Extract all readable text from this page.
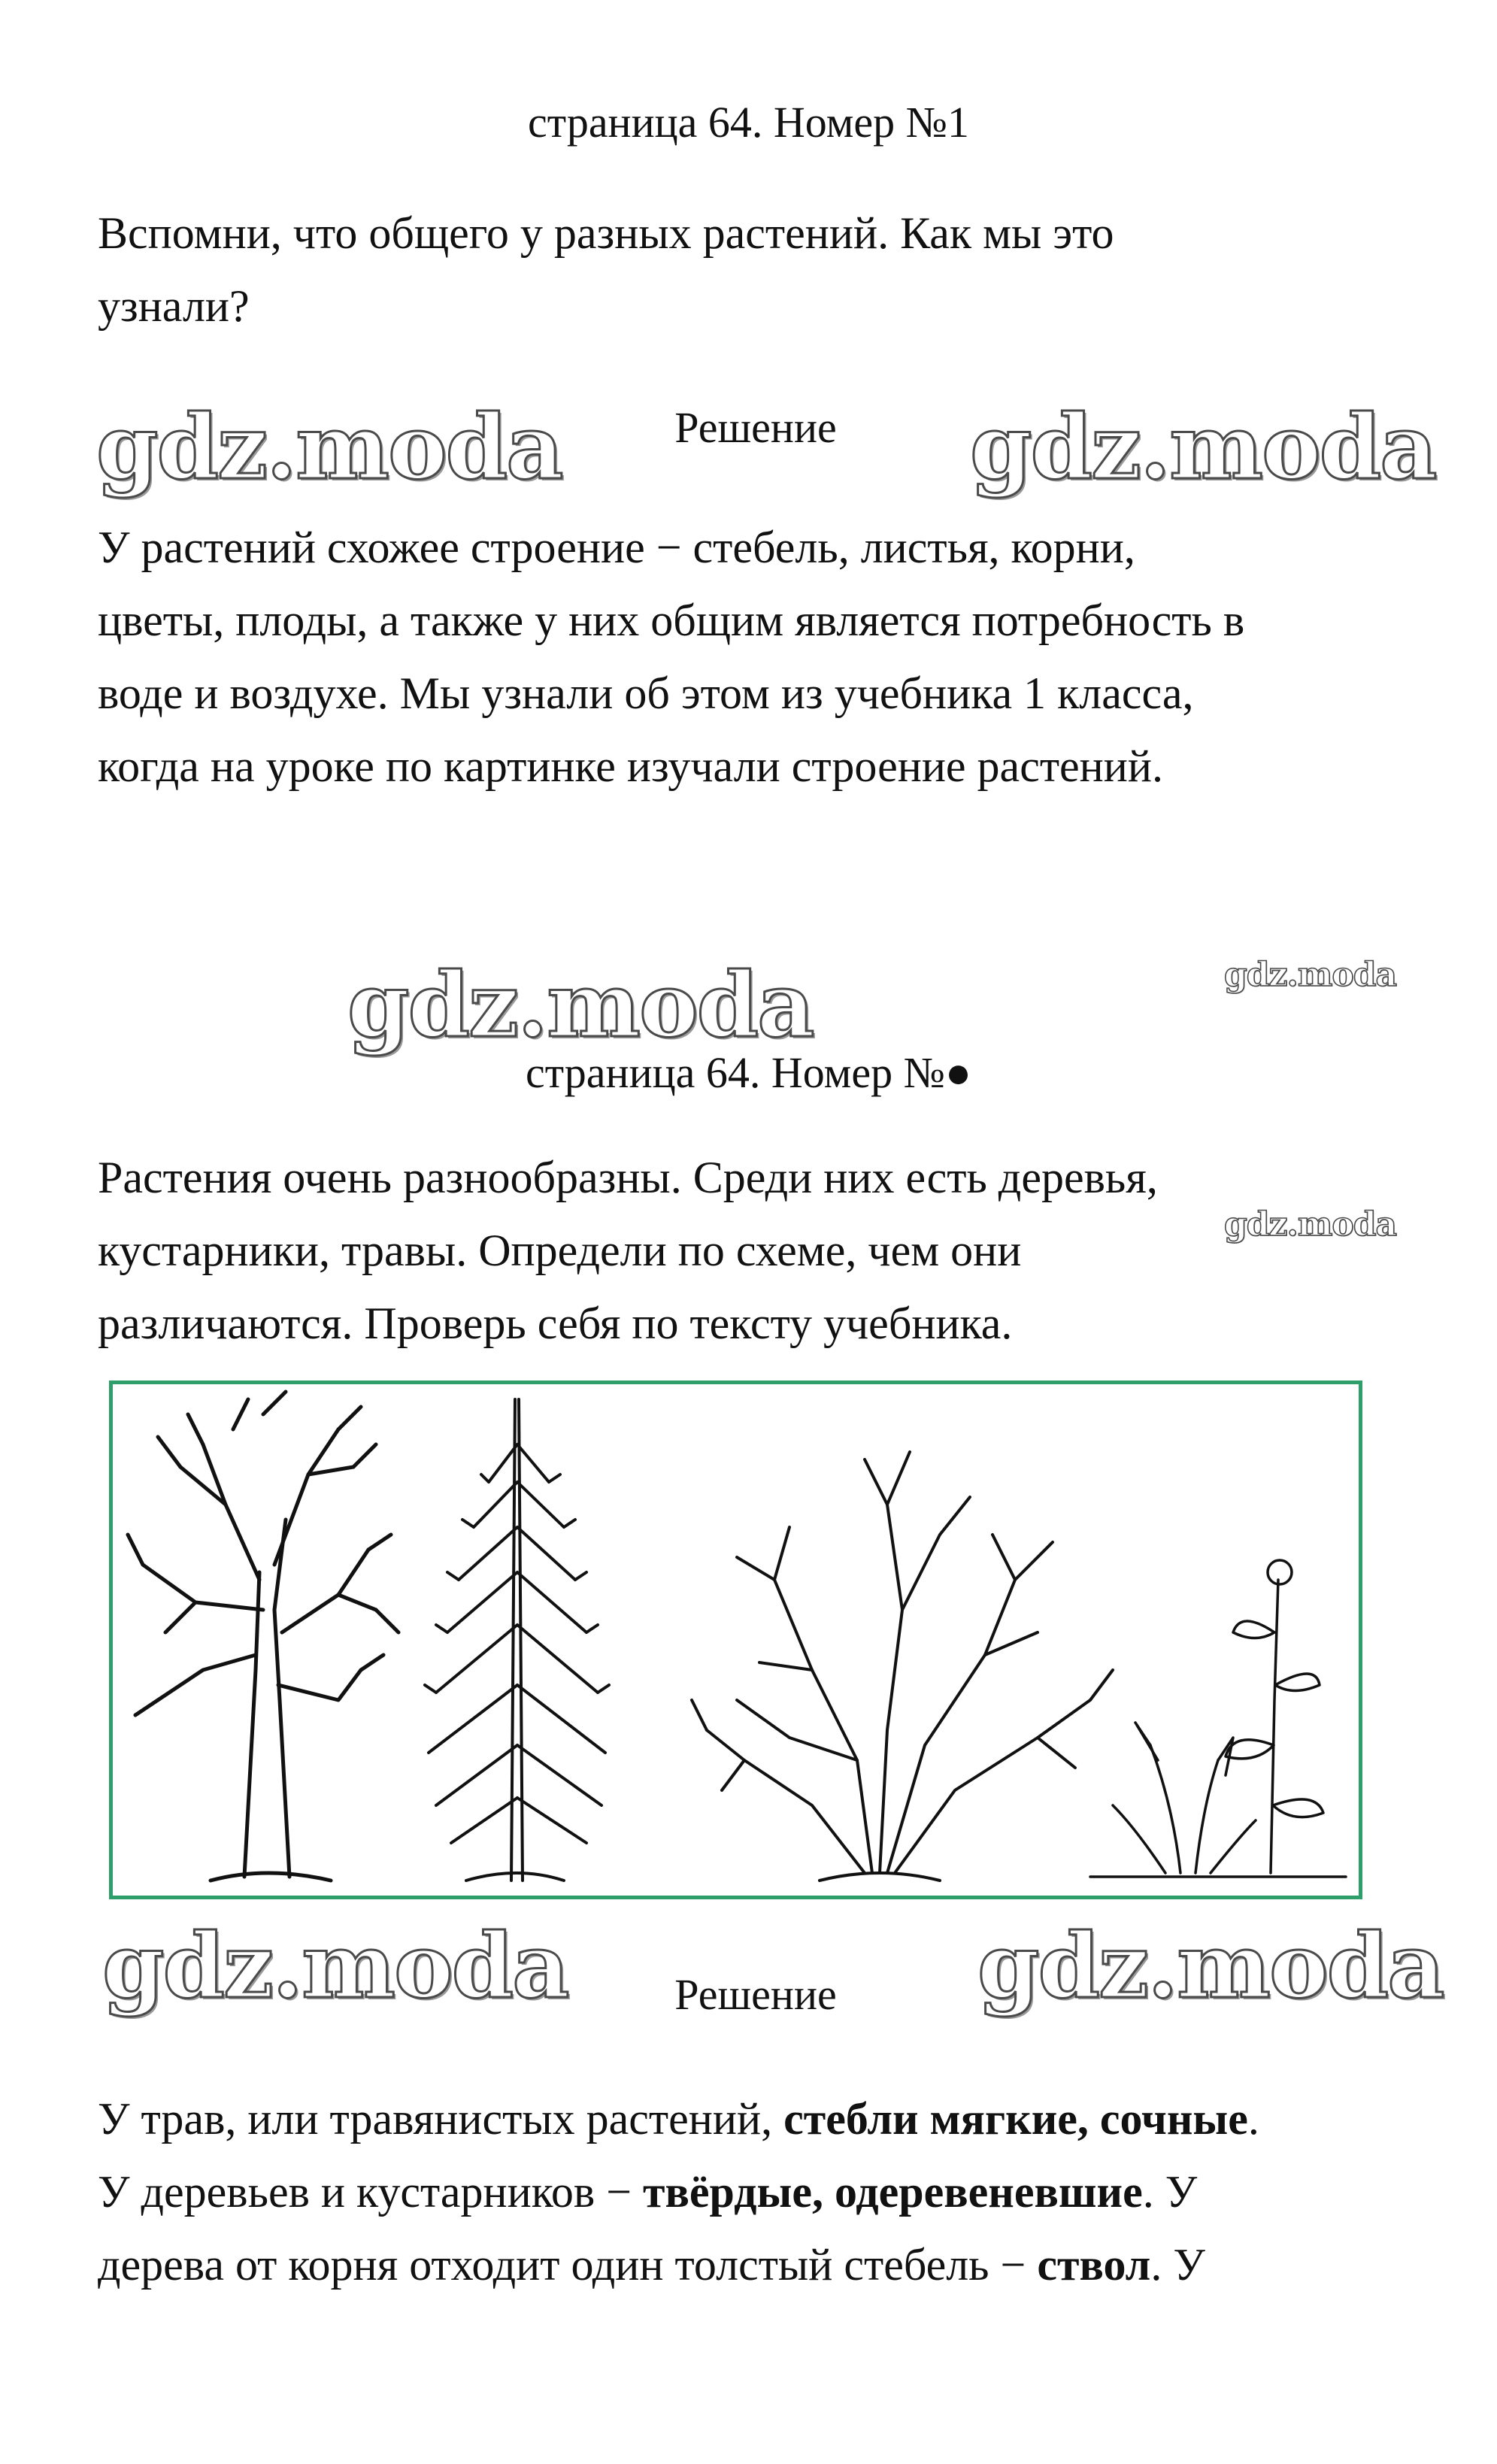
страница 64. Номер №1

Вспомни, что общего у разных растений. Как мы это
узнали?

gdz.moda	Решение	gdz.moda

У растений схожее строение − стебель, листья, корни,
цветы, плоды, а также у них общим является потребность в
воде и воздухе. Мы узнали об этом из учебника 1 класса,
когда на уроке по картинке изучали строение растений.

gdz.moda	gdz.moda
страница 64. Номер №●

Растения очень разнообразны. Среди них есть деревья,
кустарники, травы. Определи по схеме, чем они
различаются. Проверь себя по тексту учебника.

gdz.moda
gdz.moda	Решение	gdz.moda

У трав, или травянистых растений, стебли мягкие, сочные.
У деревьев и кустарников − твёрдые, одеревеневшие. У
дерева от корня отходит один толстый стебель − ствол. У
